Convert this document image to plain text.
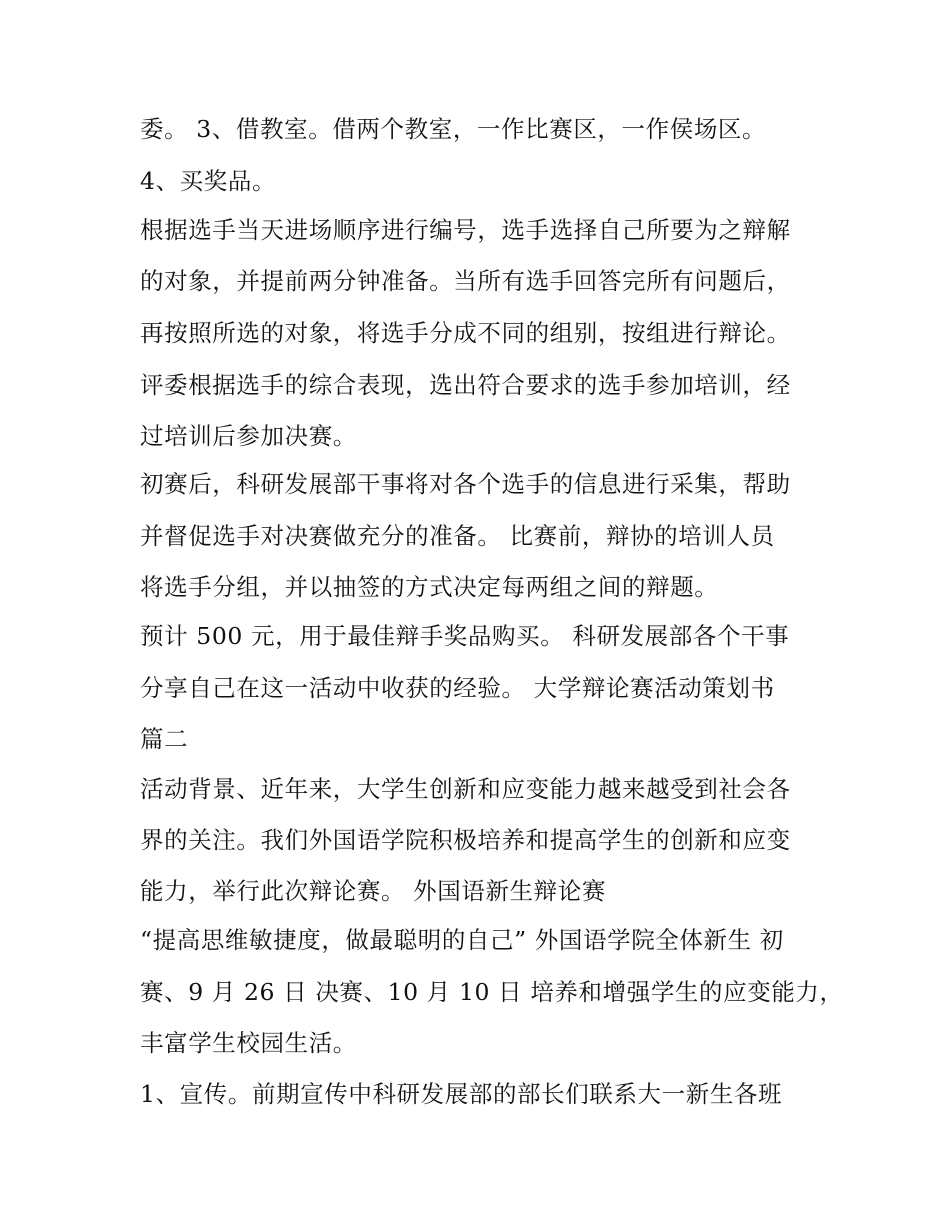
委。 3、借教室。借两个教室，一作比赛区，一作侯场区。
4、买奖品。
根据选手当天进场顺序进行编号，选手选择自己所要为之辩解
的对象，并提前两分钟准备。当所有选手回答完所有问题后，
再按照所选的对象，将选手分成不同的组别，按组进行辩论。
评委根据选手的综合表现，选出符合要求的选手参加培训，经
过培训后参加决赛。
初赛后，科研发展部干事将对各个选手的信息进行采集，帮助
并督促选手对决赛做充分的准备。 比赛前，辩协的培训人员
将选手分组，并以抽签的方式决定每两组之间的辩题。
预计 500 元，用于最佳辩手奖品购买。 科研发展部各个干事
分享自己在这一活动中收获的经验。 大学辩论赛活动策划书
篇二
活动背景、近年来，大学生创新和应变能力越来越受到社会各
界的关注。我们外国语学院积极培养和提高学生的创新和应变
能力，举行此次辩论赛。 外国语新生辩论赛
“提高思维敏捷度，做最聪明的自己” 外国语学院全体新生 初
赛、9 月 26 日 决赛、10 月 10 日 培养和增强学生的应变能力，
丰富学生校园生活。
1、宣传。前期宣传中科研发展部的部长们联系大一新生各班
